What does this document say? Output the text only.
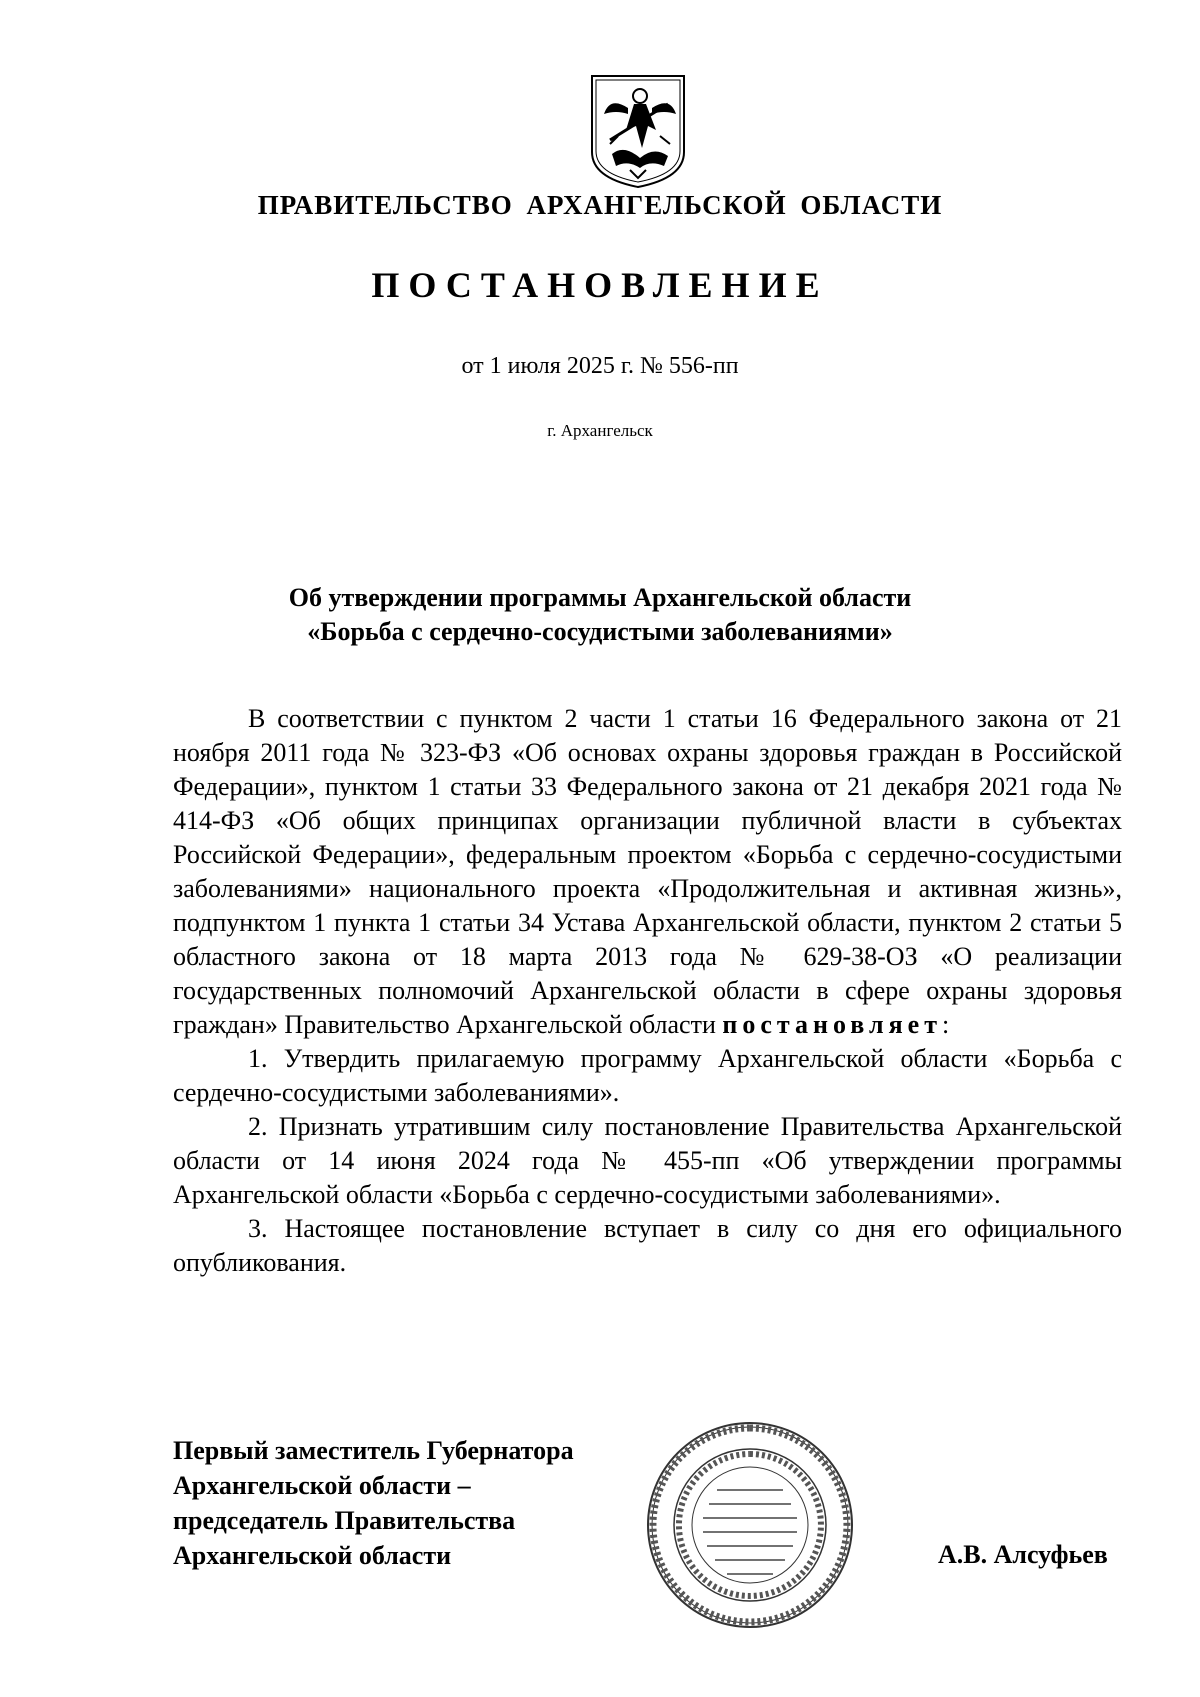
ПРАВИТЕЛЬСТВО АРХАНГЕЛЬСКОЙ ОБЛАСТИ
ПОСТАНОВЛЕНИЕ
от 1 июля 2025 г. № 556-пп
г. Архангельск
Об утверждении программы Архангельской области
«Борьба с сердечно-сосудистыми заболеваниями»

В соответствии с пунктом 2 части 1 статьи 16 Федерального закона от 21 ноября 2011 года № 323-ФЗ «Об основах охраны здоровья граждан в Российской Федерации», пунктом 1 статьи 33 Федерального закона от 21 декабря 2021 года № 414-ФЗ «Об общих принципах организации публичной власти в субъектах Российской Федерации», федеральным проектом «Борьба с сердечно-сосудистыми заболеваниями» национального проекта «Продолжительная и активная жизнь», подпунктом 1 пункта 1 статьи 34 Устава Архангельской области, пунктом 2 статьи 5 областного закона от 18 марта 2013 года № 629-38-ОЗ «О реализации государственных полномочий Архангельской области в сфере охраны здоровья граждан» Правительство Архангельской области постановляет:

1. Утвердить прилагаемую программу Архангельской области «Борьба с сердечно-сосудистыми заболеваниями».

2. Признать утратившим силу постановление Правительства Архангельской области от 14 июня 2024 года № 455-пп «Об утверждении программы Архангельской области «Борьба с сердечно-сосудистыми заболеваниями».

3. Настоящее постановление вступает в силу со дня его официального опубликования.

Первый заместитель Губернатора
Архангельской области –
председатель Правительства
Архангельской области	А.В. Алсуфьев
